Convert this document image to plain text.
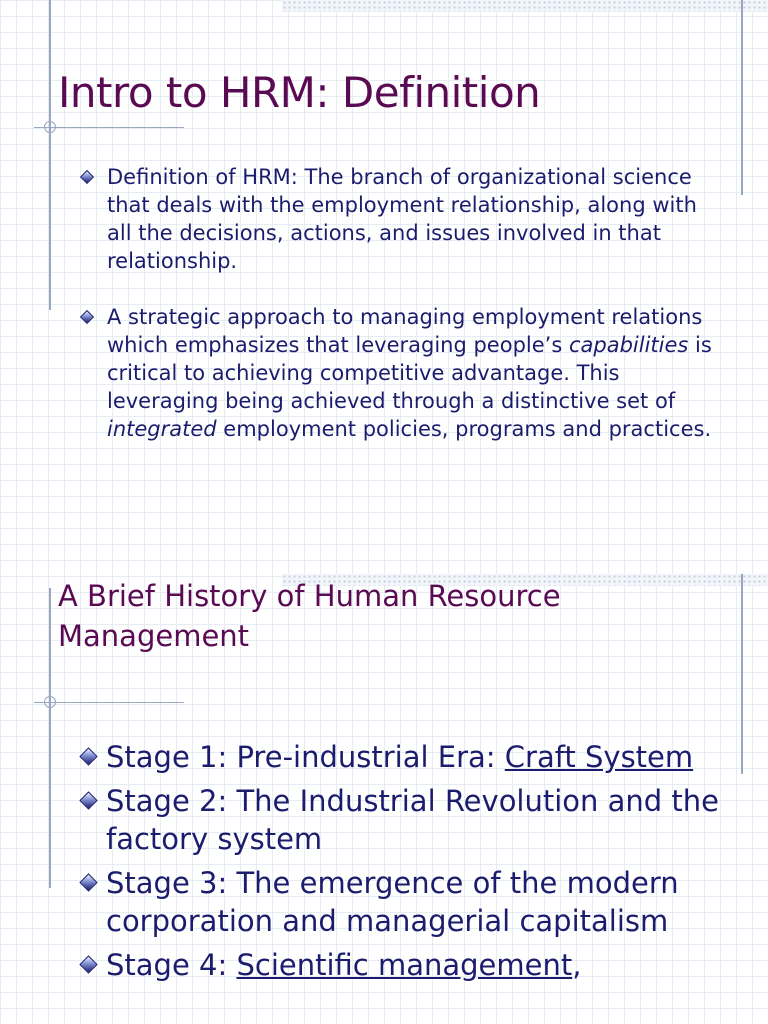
Intro to HRM: Definition
Definition of HRM: The branch of organizational science that deals with the employment relationship, along with all the decisions, actions, and issues involved in that relationship.
A strategic approach to managing employment relations which emphasizes that leveraging people’s capabilities is critical to achieving competitive advantage. This leveraging being achieved through a distinctive set of integrated employment policies, programs and practices.
A Brief History of Human Resource Management
Stage 1: Pre-industrial Era: Craft System
Stage 2: The Industrial Revolution and the factory system
Stage 3: The emergence of the modern corporation and managerial capitalism
Stage 4: Scientific management,
